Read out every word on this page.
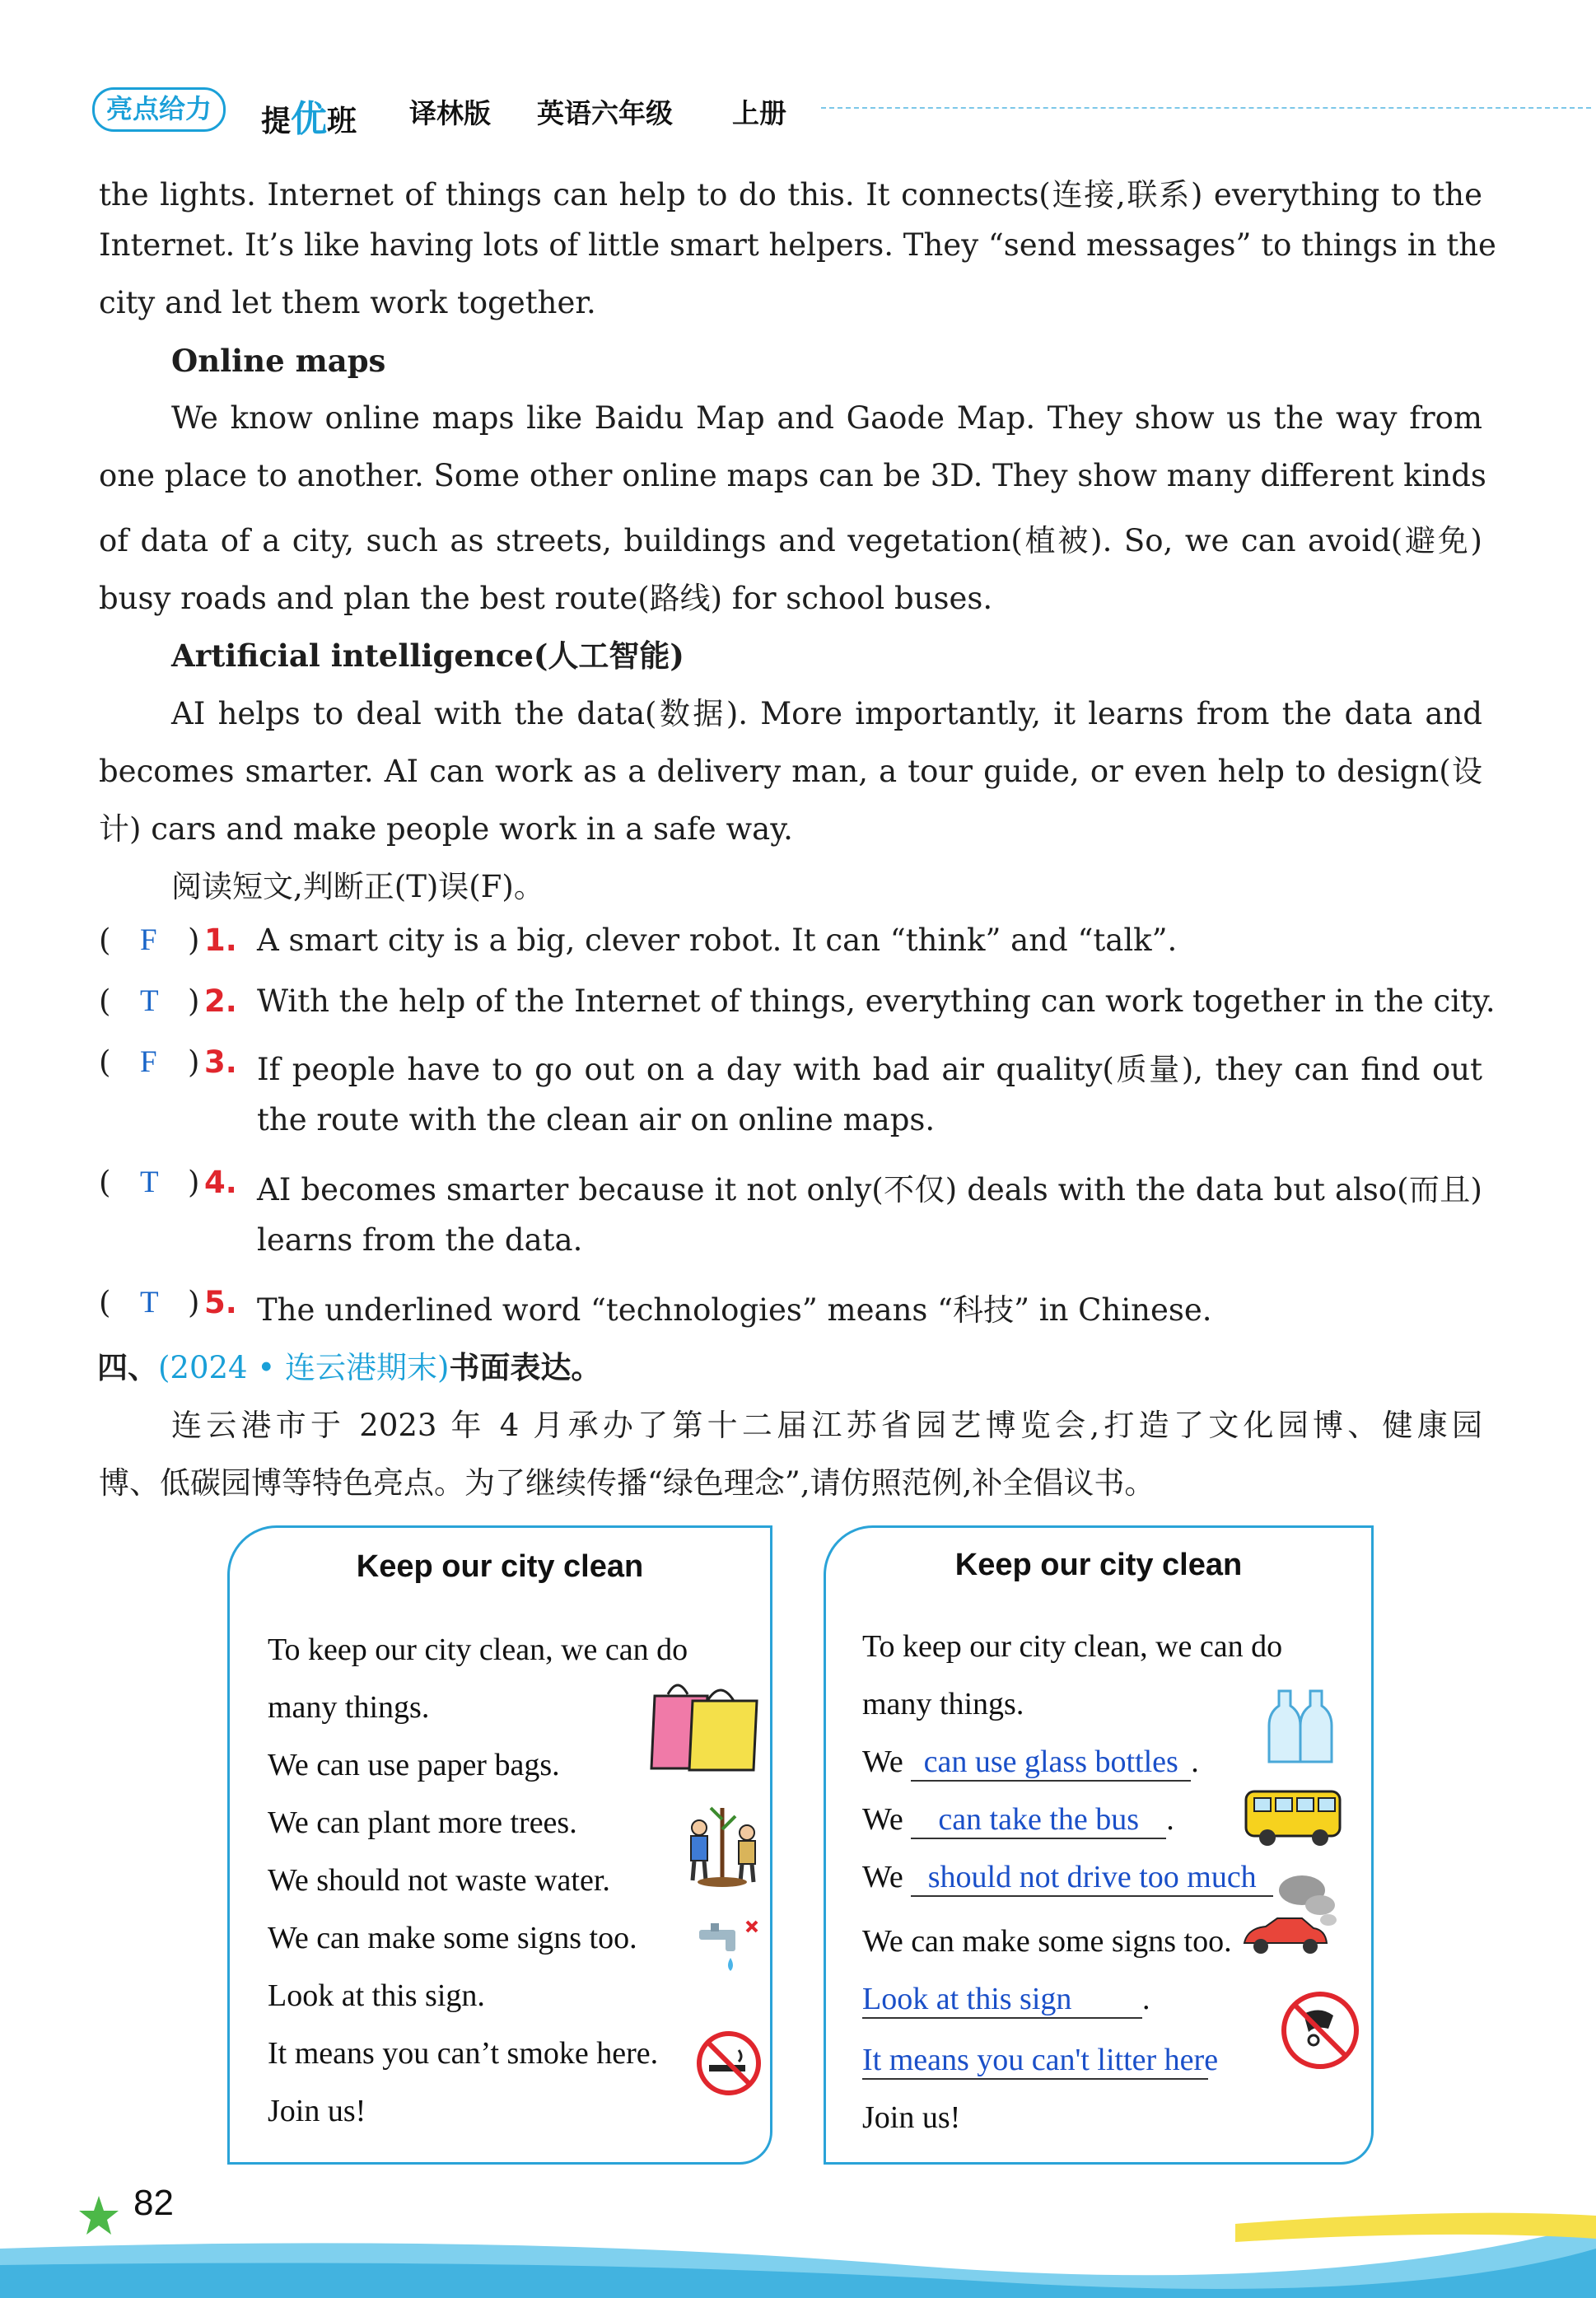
亮点给力	提优班 译林版 英语六年级 上册
the lights. Internet of things can help to do this. It connects(连接,联系) everything to the
Internet. It’s like having lots of little smart helpers. They “send messages” to things in the
city and let them work together.
Online maps
We know online maps like Baidu Map and Gaode Map. They show us the way from
one place to another. Some other online maps can be 3D. They show many different kinds
of data of a city, such as streets, buildings and vegetation(植被). So, we can avoid(避免)
busy roads and plan the best route(路线) for school buses.
Artificial intelligence(人工智能)
AI helps to deal with the data(数据). More importantly, it learns from the data and
becomes smarter. AI can work as a delivery man, a tour guide, or even help to design(设
计) cars and make people work in a safe way.
阅读短文,判断正(T)误(F)。
( F ) 1. A smart city is a big, clever robot. It can “think” and “talk”.
( T ) 2. With the help of the Internet of things, everything can work together in the city.
( F ) 3. If people have to go out on a day with bad air quality(质量), they can find out
the route with the clean air on online maps.
( T ) 4. AI becomes smarter because it not only(不仅) deals with the data but also(而且)
learns from the data.
( T ) 5. The underlined word “technologies” means “科技” in Chinese.
四、(2024 • 连云港期末)书面表达。
连云港市于 2023 年 4 月承办了第十二届江苏省园艺博览会,打造了文化园博、健康园
博、低碳园博等特色亮点。为了继续传播“绿色理念”,请仿照范例,补全倡议书。
Keep our city clean
To keep our city clean, we can do
many things.
We can use paper bags.
We can plant more trees.
We should not waste water.
We can make some signs too.
Look at this sign.
It means you can’t smoke here.
Join us!
Keep our city clean
To keep our city clean, we can do
many things.
We can use glass bottles .
We can take the bus .
We should not drive too much
We can make some signs too.
Look at this sign .
It means you can't litter here
Join us!
82
